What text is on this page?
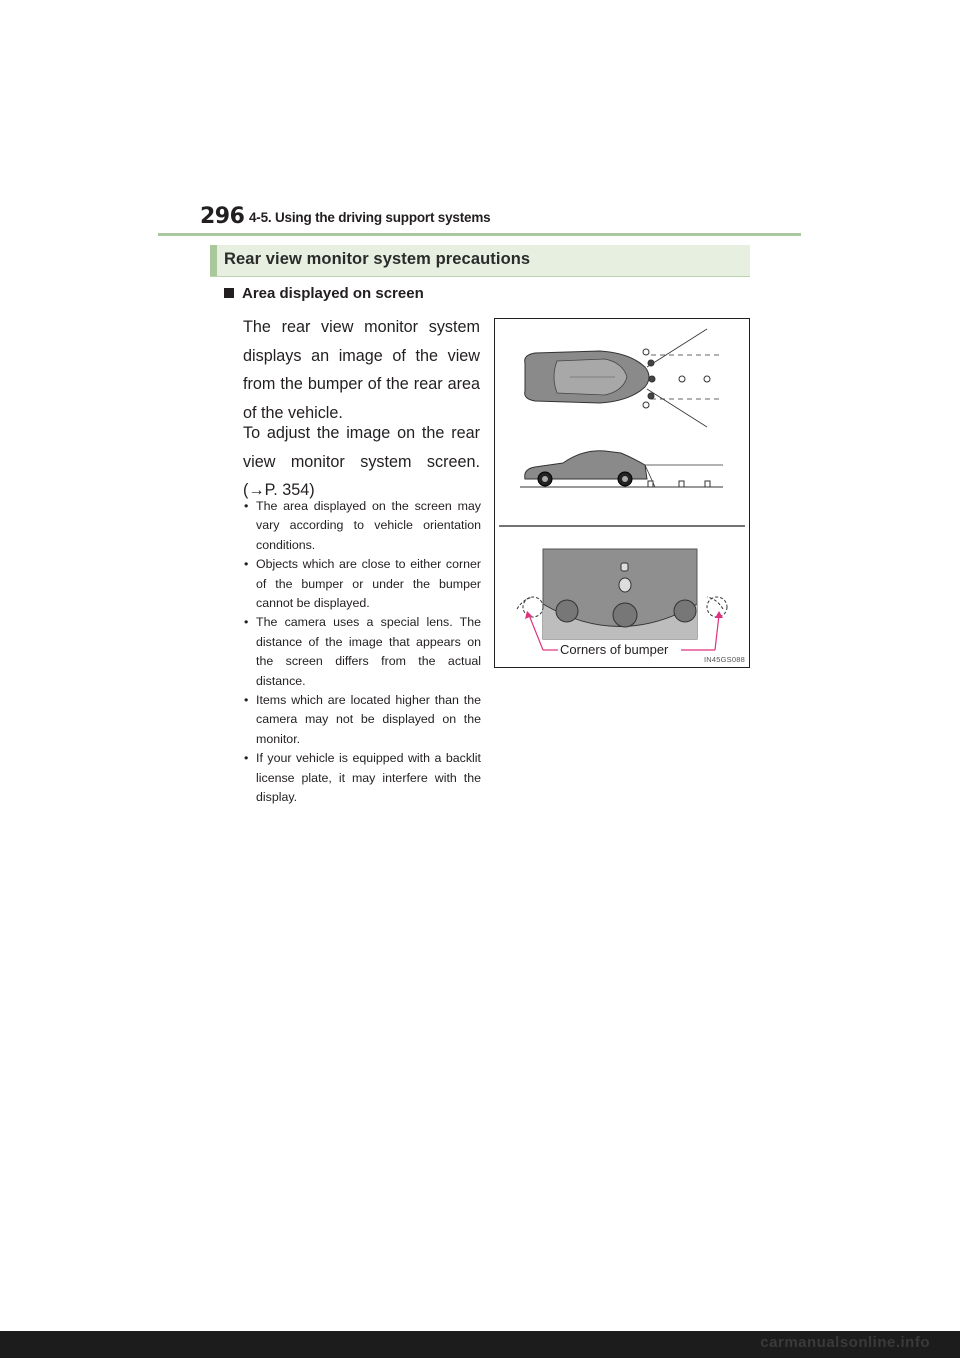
296 4-5. Using the driving support systems
Rear view monitor system precautions
Area displayed on screen
The rear view monitor system displays an image of the view from the bumper of the rear area of the vehicle.
To adjust the image on the rear view monitor system screen. (→P. 354)
• The area displayed on the screen may vary according to vehicle orientation conditions.
• Objects which are close to either corner of the bumper or under the bumper cannot be displayed.
• The camera uses a special lens. The distance of the image that appears on the screen differs from the actual distance.
• Items which are located higher than the camera may not be displayed on the monitor.
• If your vehicle is equipped with a backlit license plate, it may interfere with the display.
Corners of bumper
IN45GS088
carmanualsonline.info
